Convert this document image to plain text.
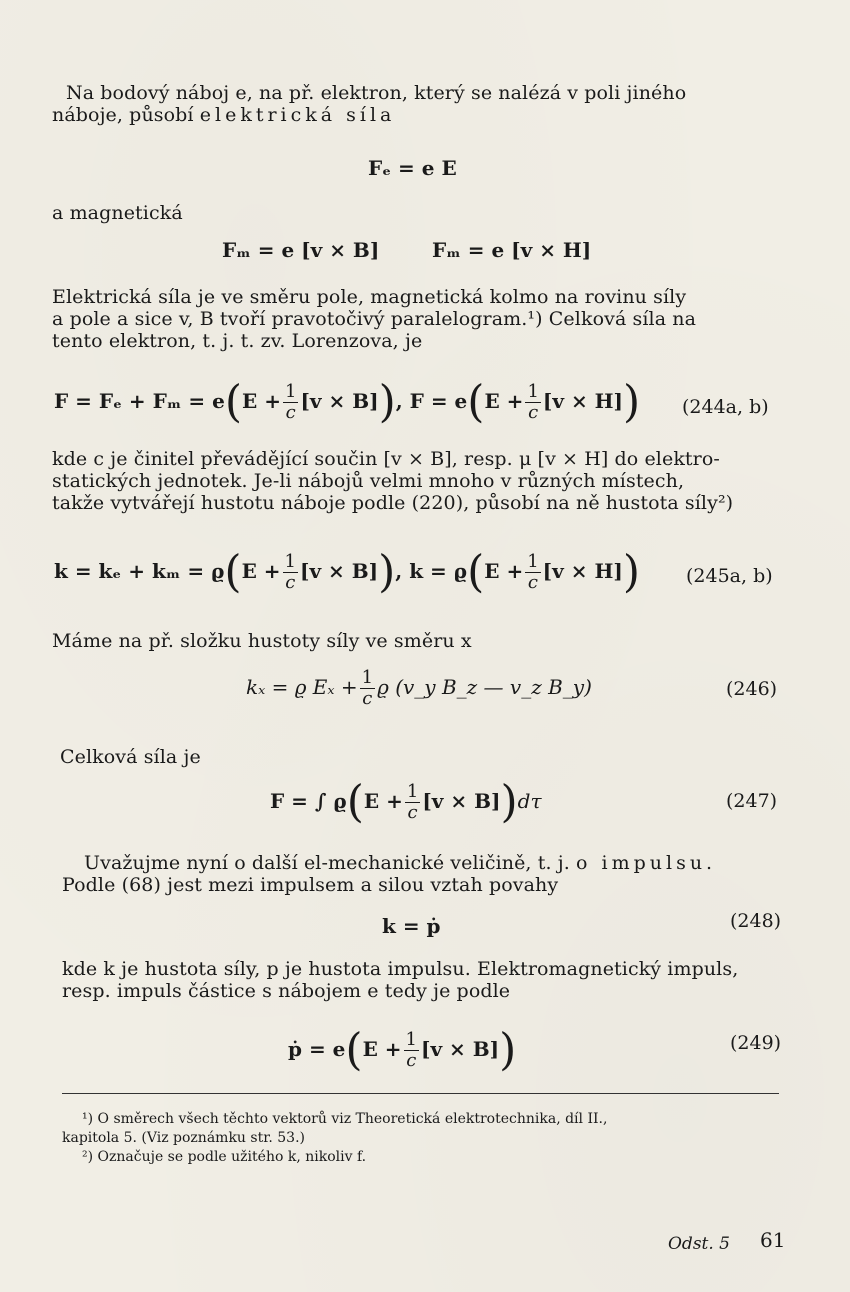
Na bodový náboj e, na př. elektron, který se nalézá v poli jiného
náboje, působí elektrická síla
Fₑ = e E
a magnetická
Fₘ = e [v × B]	Fₘ = e [v × H]
Elektrická síla je ve směru pole, magnetická kolmo na rovinu síly
a pole a sice v, B tvoří pravotočivý paralelogram.¹) Celková síla na
tento elektron, t. j. t. zv. Lorenzova, je
$F = F_e + F_m = e(E + \frac{1}{c} [v \times B])$, $F = e(E + \frac{1}{c} [v \times H])$ (244a, b)
kde c je činitel převádějící součin [v × B], resp. μ [v × H] do elektro-
statických jednotek. Je-li nábojů velmi mnoho v různých místech,
takže vytvářejí hustotu náboje podle (220), působí na ně hustota síly²)
$k = k_e + k_m = ϱ(E + \frac{1}{c} [v \times B])$, $k = ϱ(E + \frac{1}{c} [v \times H])$ (245a, b)
Máme na př. složku hustoty síly ve směru x
kₓ = ϱ $E_x + \frac{1}{c}$ ϱ (v_y B_z — v_z B_y)	(246)
Celková síla je
F = ∫ $ϱ(E + \frac{1}{c} [v \times B])d\tau$	(247)
Uvažujme nyní o další el-mechanické veličině, t. j. o impulsu.
Podle (68) jest mezi impulsem a silou vztah povahy
k = ṗ	(248)
kde k je hustota síly, p je hustota impulsu. Elektromagnetický impuls,
resp. impuls částice s nábojem e tedy je podle
ṗ = $e(E + \frac{1}{c} [v \times B])$	(249)
¹) O směrech všech těchto vektorů viz Theoretická elektrotechnika, díl II.,
kapitola 5. (Viz poznámku str. 53.)
²) Označuje se podle užitého k, nikoliv f.
Odst. 5 61
